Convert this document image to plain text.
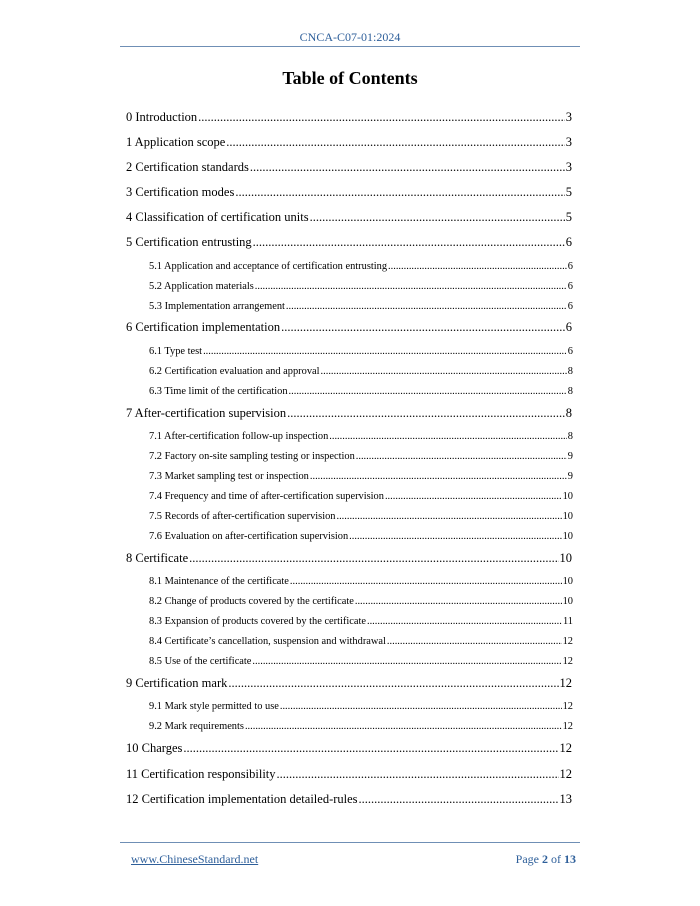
CNCA-C07-01:2024
Table of Contents
0 Introduction .....	3
1 Application scope .....	3
2 Certification standards .....	3
3 Certification modes .....	5
4 Classification of certification units .....	5
5 Certification entrusting .....	6
5.1 Application and acceptance of certification entrusting .....	6
5.2 Application materials .....	6
5.3 Implementation arrangement .....	6
6 Certification implementation .....	6
6.1 Type test .....	6
6.2 Certification evaluation and approval .....	8
6.3 Time limit of the certification .....	8
7 After-certification supervision .....	8
7.1 After-certification follow-up inspection .....	8
7.2 Factory on-site sampling testing or inspection .....	9
7.3 Market sampling test or inspection .....	9
7.4 Frequency and time of after-certification supervision .....	10
7.5 Records of after-certification supervision .....	10
7.6 Evaluation on after-certification supervision .....	10
8 Certificate .....	10
8.1 Maintenance of the certificate .....	10
8.2 Change of products covered by the certificate .....	10
8.3 Expansion of products covered by the certificate .....	11
8.4 Certificate’s cancellation, suspension and withdrawal .....	12
8.5 Use of the certificate .....	12
9 Certification mark .....	12
9.1 Mark style permitted to use .....	12
9.2 Mark requirements .....	12
10 Charges .....	12
11 Certification responsibility .....	12
12 Certification implementation detailed-rules .....	13
www.ChineseStandard.net	Page 2 of 13
